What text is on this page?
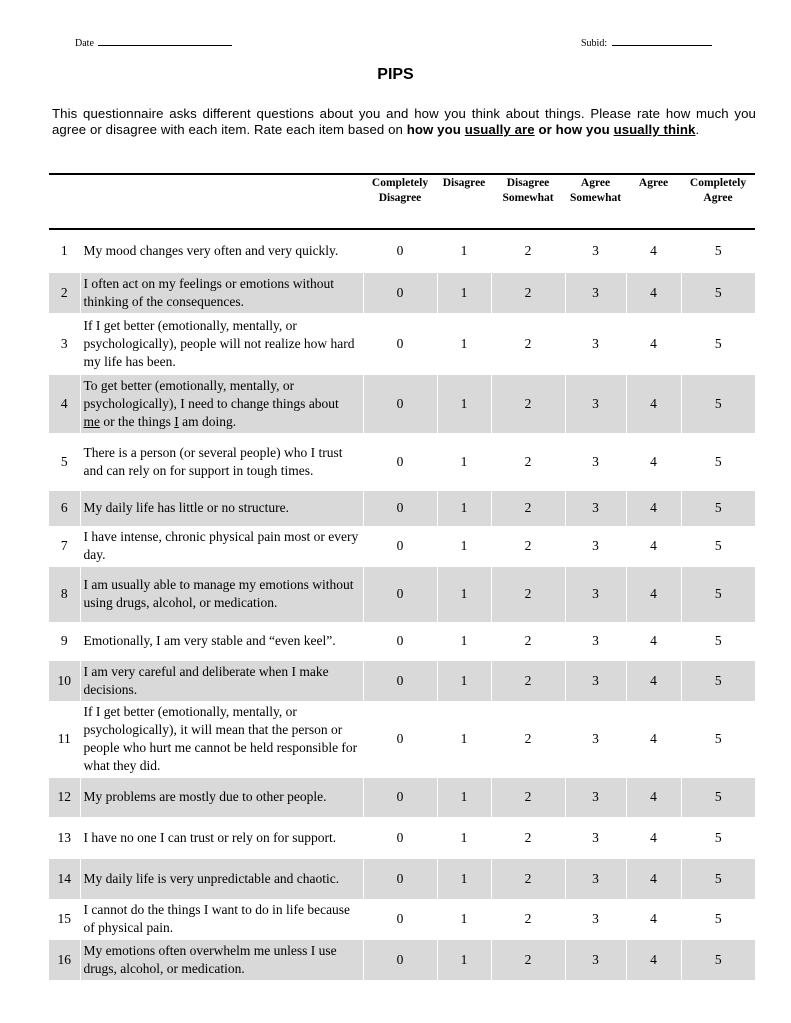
Date	Subid:
PIPS
This questionnaire asks different questions about you and how you think about things. Please rate how much you agree or disagree with each item. Rate each item based on how you usually are or how you usually think.
		Completely Disagree	Disagree	Disagree Somewhat	Agree Somewhat	Agree	Completely Agree
1	My mood changes very often and very quickly.	0	1	2	3	4	5
2	I often act on my feelings or emotions without thinking of the consequences.	0	1	2	3	4	5
3	If I get better (emotionally, mentally, or psychologically), people will not realize how hard my life has been.	0	1	2	3	4	5
4	To get better (emotionally, mentally, or psychologically), I need to change things about me or the things I am doing.	0	1	2	3	4	5
5	There is a person (or several people) who I trust and can rely on for support in tough times.	0	1	2	3	4	5
6	My daily life has little or no structure.	0	1	2	3	4	5
7	I have intense, chronic physical pain most or every day.	0	1	2	3	4	5
8	I am usually able to manage my emotions without using drugs, alcohol, or medication.	0	1	2	3	4	5
9	Emotionally, I am very stable and “even keel”.	0	1	2	3	4	5
10	I am very careful and deliberate when I make decisions.	0	1	2	3	4	5
11	If I get better (emotionally, mentally, or psychologically), it will mean that the person or people who hurt me cannot be held responsible for what they did.	0	1	2	3	4	5
12	My problems are mostly due to other people.	0	1	2	3	4	5
13	I have no one I can trust or rely on for support.	0	1	2	3	4	5
14	My daily life is very unpredictable and chaotic.	0	1	2	3	4	5
15	I cannot do the things I want to do in life because of physical pain.	0	1	2	3	4	5
16	My emotions often overwhelm me unless I use drugs, alcohol, or medication.	0	1	2	3	4	5
